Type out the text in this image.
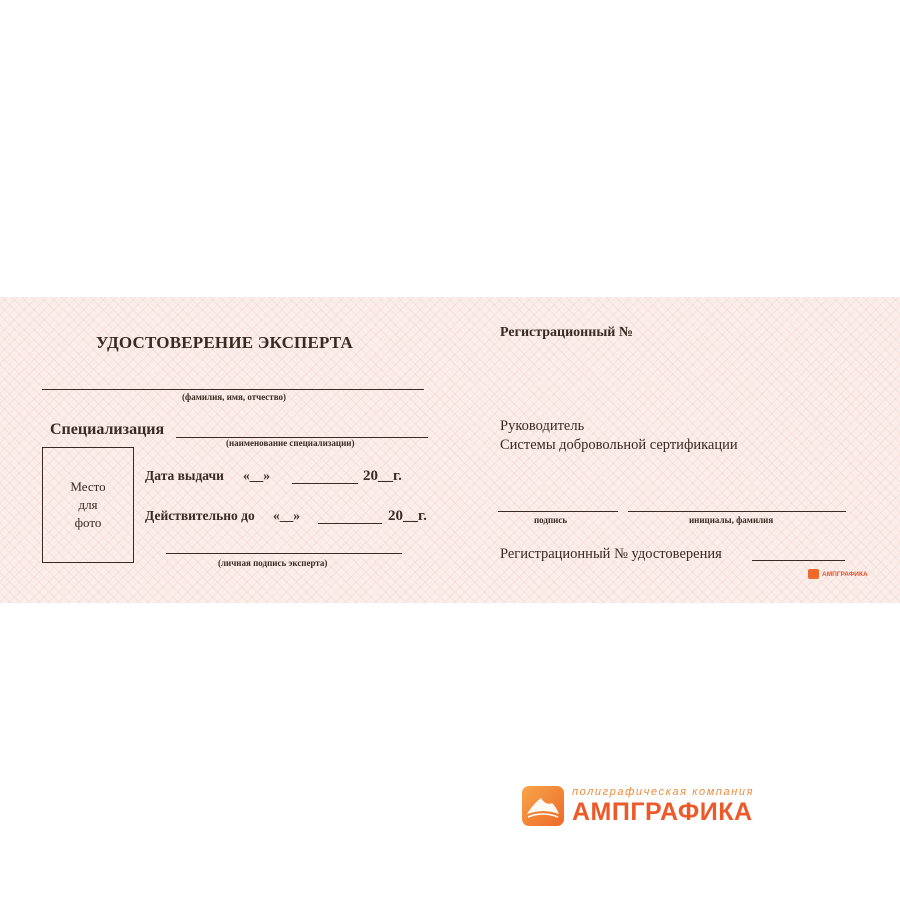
УДОСТОВЕРЕНИЕ ЭКСПЕРТА
(фамилия, имя, отчество)
Специализация
(наименование специализации)
Место
для
фото
Дата выдачи «__»	20__г.
Действительно до «__»	20__г.
(личная подпись эксперта)
Регистрационный №
Руководитель
Системы добровольной сертификации
подпись	инициалы, фамилия
Регистрационный № удостоверения
АМПГРАФИКА
полиграфическая компания
АМПГРАФИКА
